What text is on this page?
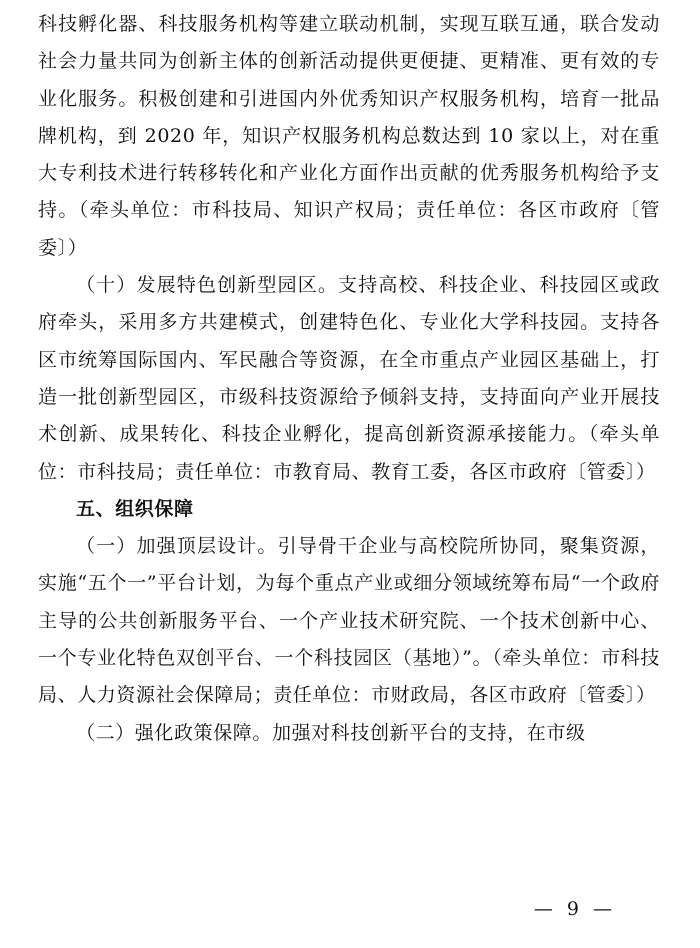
科技孵化器、科技服务机构等建立联动机制，实现互联互通，联合发动社会力量共同为创新主体的创新活动提供更便捷、更精准、更有效的专业化服务。积极创建和引进国内外优秀知识产权服务机构，培育一批品牌机构，到 2020 年，知识产权服务机构总数达到 10 家以上，对在重大专利技术进行转移转化和产业化方面作出贡献的优秀服务机构给予支持。（牵头单位：市科技局、知识产权局；责任单位：各区市政府〔管委〕）

（十）发展特色创新型园区。支持高校、科技企业、科技园区或政府牵头，采用多方共建模式，创建特色化、专业化大学科技园。支持各区市统筹国际国内、军民融合等资源，在全市重点产业园区基础上，打造一批创新型园区，市级科技资源给予倾斜支持，支持面向产业开展技术创新、成果转化、科技企业孵化，提高创新资源承接能力。（牵头单位：市科技局；责任单位：市教育局、教育工委，各区市政府〔管委〕）

五、组织保障

（一）加强顶层设计。引导骨干企业与高校院所协同，聚集资源，实施“五个一”平台计划，为每个重点产业或细分领域统筹布局“一个政府主导的公共创新服务平台、一个产业技术研究院、一个技术创新中心、一个专业化特色双创平台、一个科技园区（基地）”。（牵头单位：市科技局、人力资源社会保障局；责任单位：市财政局，各区市政府〔管委〕）

（二）强化政策保障。加强对科技创新平台的支持，在市级

— 9 —
